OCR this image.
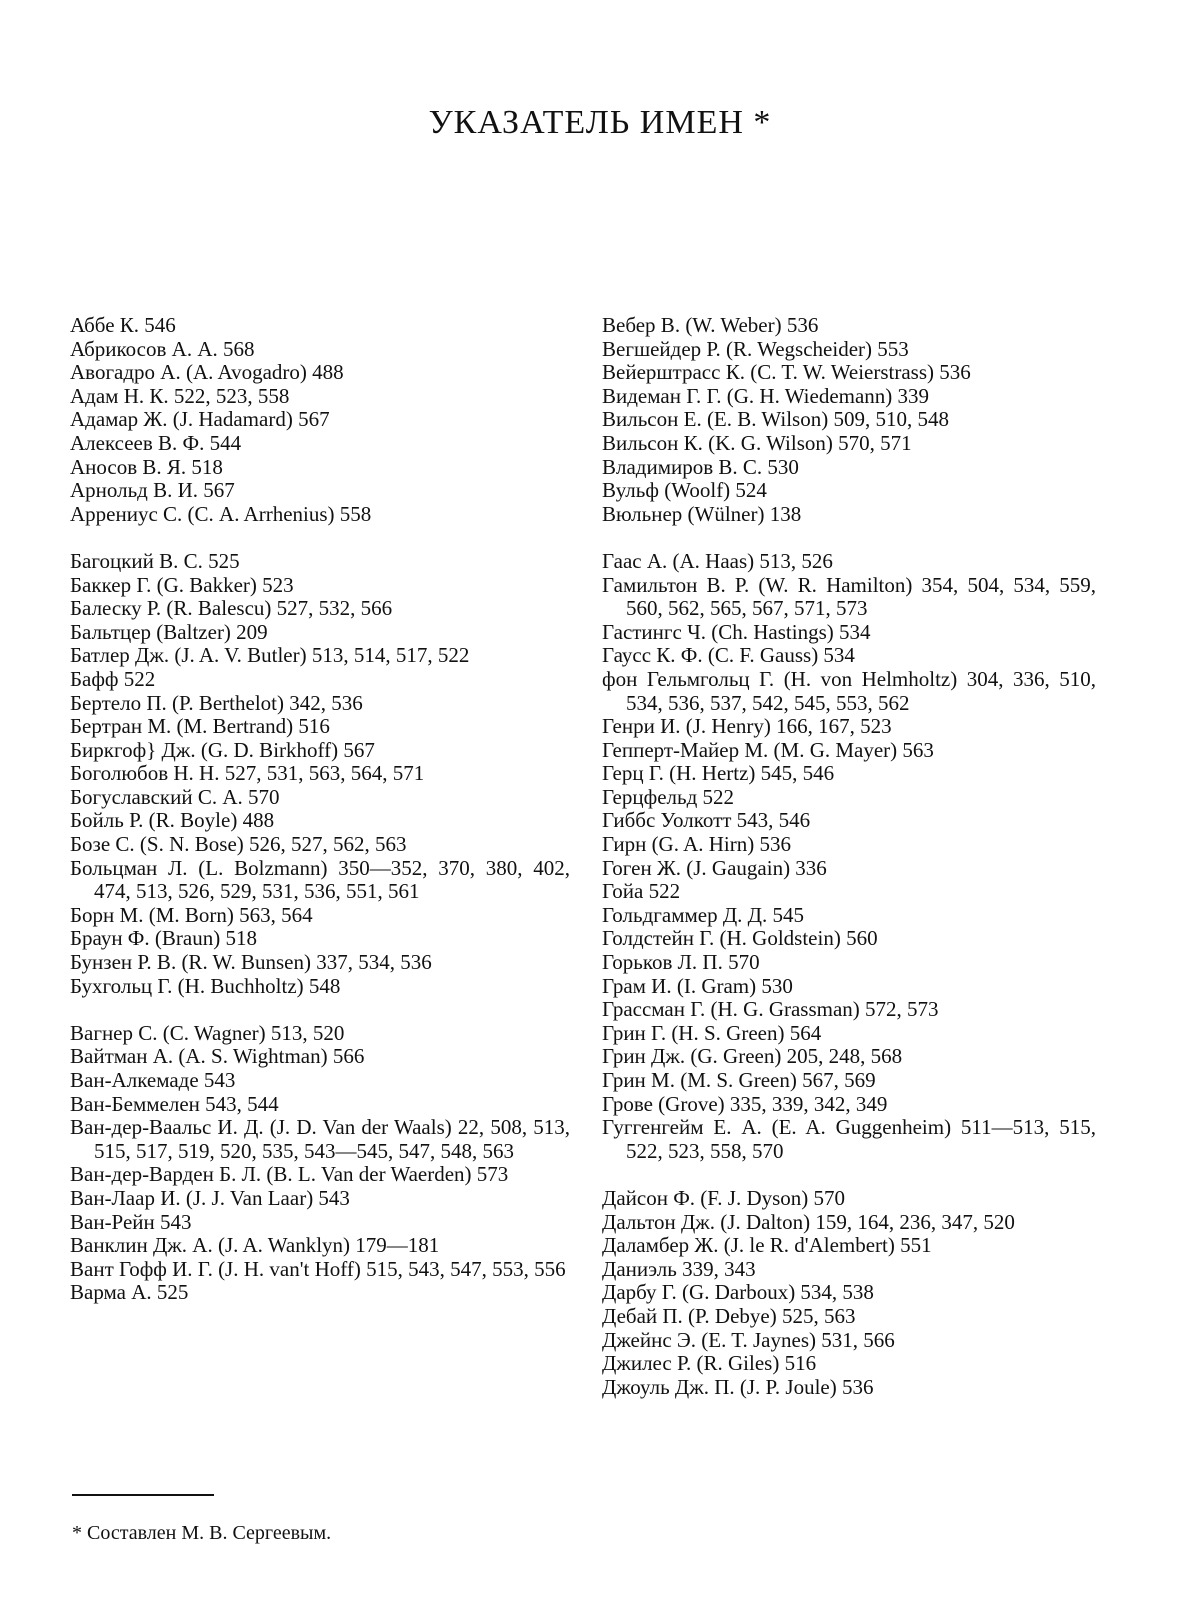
УКАЗАТЕЛЬ ИМЕН *
Аббе К. 546
Абрикосов А. А. 568
Авогадро А. (A. Avogadro) 488
Адам Н. К. 522, 523, 558
Адамар Ж. (J. Hadamard) 567
Алексеев В. Ф. 544
Аносов В. Я. 518
Арнольд В. И. 567
Аррениус С. (С. A. Arrhenius) 558
Багоцкий В. С. 525
Баккер Г. (G. Bakker) 523
Балеску Р. (R. Balescu) 527, 532, 566
Бальтцер (Baltzer) 209
Батлер Дж. (J. A. V. Butler) 513, 514, 517, 522
Бафф 522
Бертело П. (P. Berthelot) 342, 536
Бертран М. (M. Bertrand) 516
Биркгоф} Дж. (G. D. Birkhoff) 567
Боголюбов Н. Н. 527, 531, 563, 564, 571
Богуславский С. А. 570
Бойль Р. (R. Boyle) 488
Бозе С. (S. N. Bose) 526, 527, 562, 563
Больцман Л. (L. Bolzmann) 350—352, 370, 380, 402, 474, 513, 526, 529, 531, 536, 551, 561
Борн М. (M. Born) 563, 564
Браун Ф. (Braun) 518
Бунзен Р. В. (R. W. Bunsen) 337, 534, 536
Бухгольц Г. (H. Buchholtz) 548
Вагнер С. (C. Wagner) 513, 520
Вайтман А. (A. S. Wightman) 566
Ван-Алкемаде 543
Ван-Беммелен 543, 544
Ван-дер-Ваальс И. Д. (J. D. Van der Waals) 22, 508, 513, 515, 517, 519, 520, 535, 543—545, 547, 548, 563
Ван-дер-Варден Б. Л. (B. L. Van der Waerden) 573
Ван-Лаар И. (J. J. Van Laar) 543
Ван-Рейн 543
Ванклин Дж. А. (J. A. Wanklyn) 179—181
Вант Гофф И. Г. (J. H. van't Hoff) 515, 543, 547, 553, 556
Варма А. 525
Вебер В. (W. Weber) 536
Вегшейдер Р. (R. Wegscheider) 553
Вейерштрасс К. (C. T. W. Weierstrass) 536
Видеман Г. Г. (G. H. Wiedemann) 339
Вильсон Е. (E. B. Wilson) 509, 510, 548
Вильсон К. (K. G. Wilson) 570, 571
Владимиров В. С. 530
Вульф (Woolf) 524
Вюльнер (Wülner) 138
Гаас А. (A. Haas) 513, 526
Гамильтон В. Р. (W. R. Hamilton) 354, 504, 534, 559, 560, 562, 565, 567, 571, 573
Гастингс Ч. (Ch. Hastings) 534
Гаусс К. Ф. (C. F. Gauss) 534
фон Гельмгольц Г. (H. von Helmholtz) 304, 336, 510, 534, 536, 537, 542, 545, 553, 562
Генри И. (J. Henry) 166, 167, 523
Гепперт-Майер М. (M. G. Mayer) 563
Герц Г. (H. Hertz) 545, 546
Герцфельд 522
Гиббс Уолкотт 543, 546
Гирн (G. A. Hirn) 536
Гоген Ж. (J. Gaugain) 336
Гойа 522
Гольдгаммер Д. Д. 545
Голдстейн Г. (H. Goldstein) 560
Горьков Л. П. 570
Грам И. (I. Gram) 530
Грассман Г. (H. G. Grassman) 572, 573
Грин Г. (H. S. Green) 564
Грин Дж. (G. Green) 205, 248, 568
Грин М. (M. S. Green) 567, 569
Грове (Grove) 335, 339, 342, 349
Гуггенгейм Е. А. (E. A. Guggenheim) 511—513, 515, 522, 523, 558, 570
Дайсон Ф. (F. J. Dyson) 570
Дальтон Дж. (J. Dalton) 159, 164, 236, 347, 520
Даламбер Ж. (J. le R. d'Alembert) 551
Даниэль 339, 343
Дарбу Г. (G. Darboux) 534, 538
Дебай П. (P. Debye) 525, 563
Джейнс Э. (E. T. Jaynes) 531, 566
Джилес Р. (R. Giles) 516
Джоуль Дж. П. (J. P. Joule) 536
* Составлен М. В. Сергеевым.
